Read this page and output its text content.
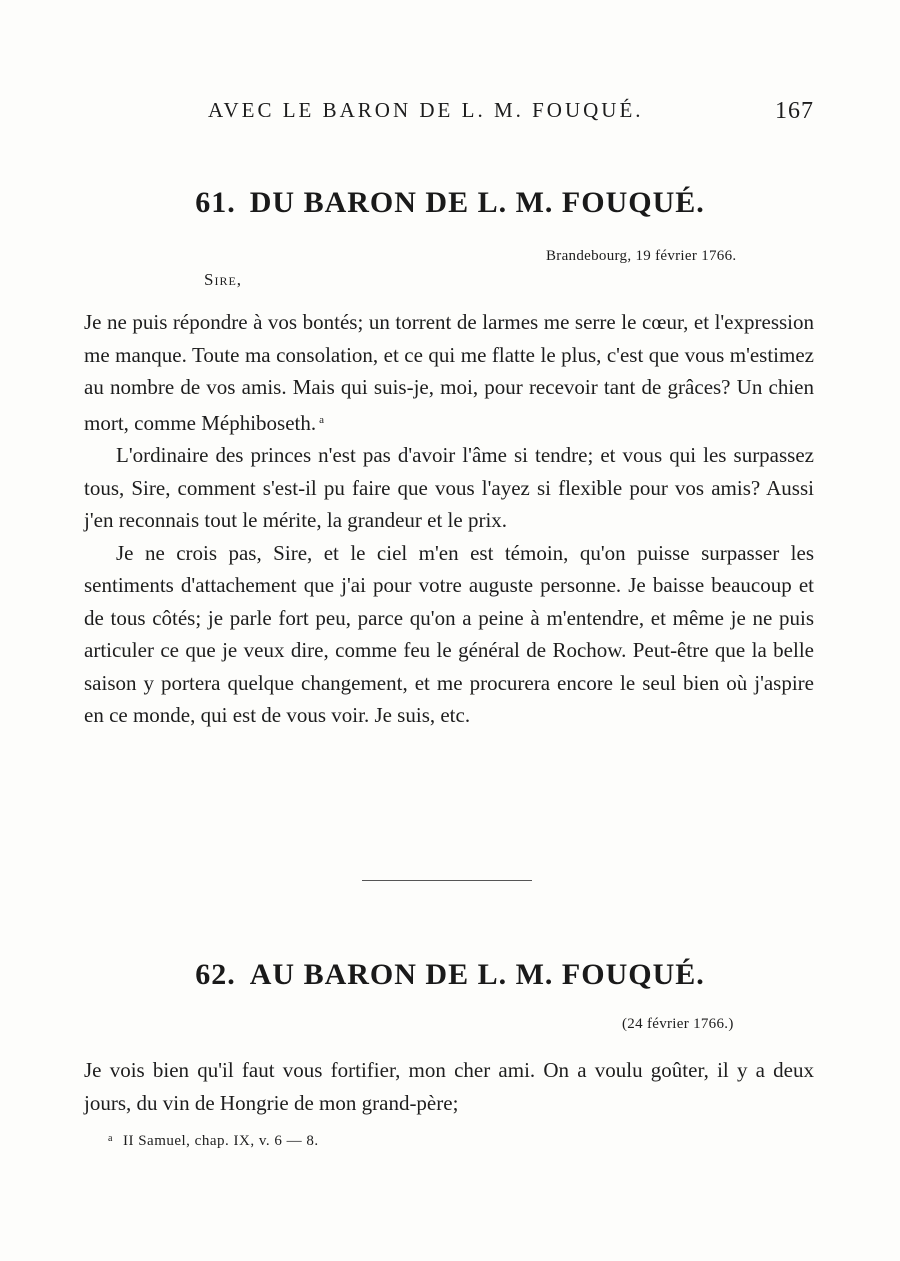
AVEC LE BARON DE L. M. FOUQUÉ.	167
61. DU BARON DE L. M. FOUQUÉ.
Brandebourg, 19 février 1766.
Sire,

Je ne puis répondre à vos bontés; un torrent de larmes me serre le cœur, et l'expression me manque. Toute ma consolation, et ce qui me flatte le plus, c'est que vous m'estimez au nombre de vos amis. Mais qui suis-je, moi, pour recevoir tant de grâces? Un chien mort, comme Méphiboseth. $^a$

L'ordinaire des princes n'est pas d'avoir l'âme si tendre; et vous qui les surpassez tous, Sire, comment s'est-il pu faire que vous l'ayez si flexible pour vos amis? Aussi j'en reconnais tout le mérite, la grandeur et le prix.

Je ne crois pas, Sire, et le ciel m'en est témoin, qu'on puisse surpasser les sentiments d'attachement que j'ai pour votre auguste personne. Je baisse beaucoup et de tous côtés; je parle fort peu, parce qu'on a peine à m'entendre, et même je ne puis articuler ce que je veux dire, comme feu le général de Rochow. Peut-être que la belle saison y portera quelque changement, et me procurera encore le seul bien où j'aspire en ce monde, qui est de vous voir. Je suis, etc.

62. AU BARON DE L. M. FOUQUÉ.
(24 février 1766.)

Je vois bien qu'il faut vous fortifier, mon cher ami. On a voulu goûter, il y a deux jours, du vin de Hongrie de mon grand-père;

$^a$ II Samuel, chap. IX, v. 6 — 8.
